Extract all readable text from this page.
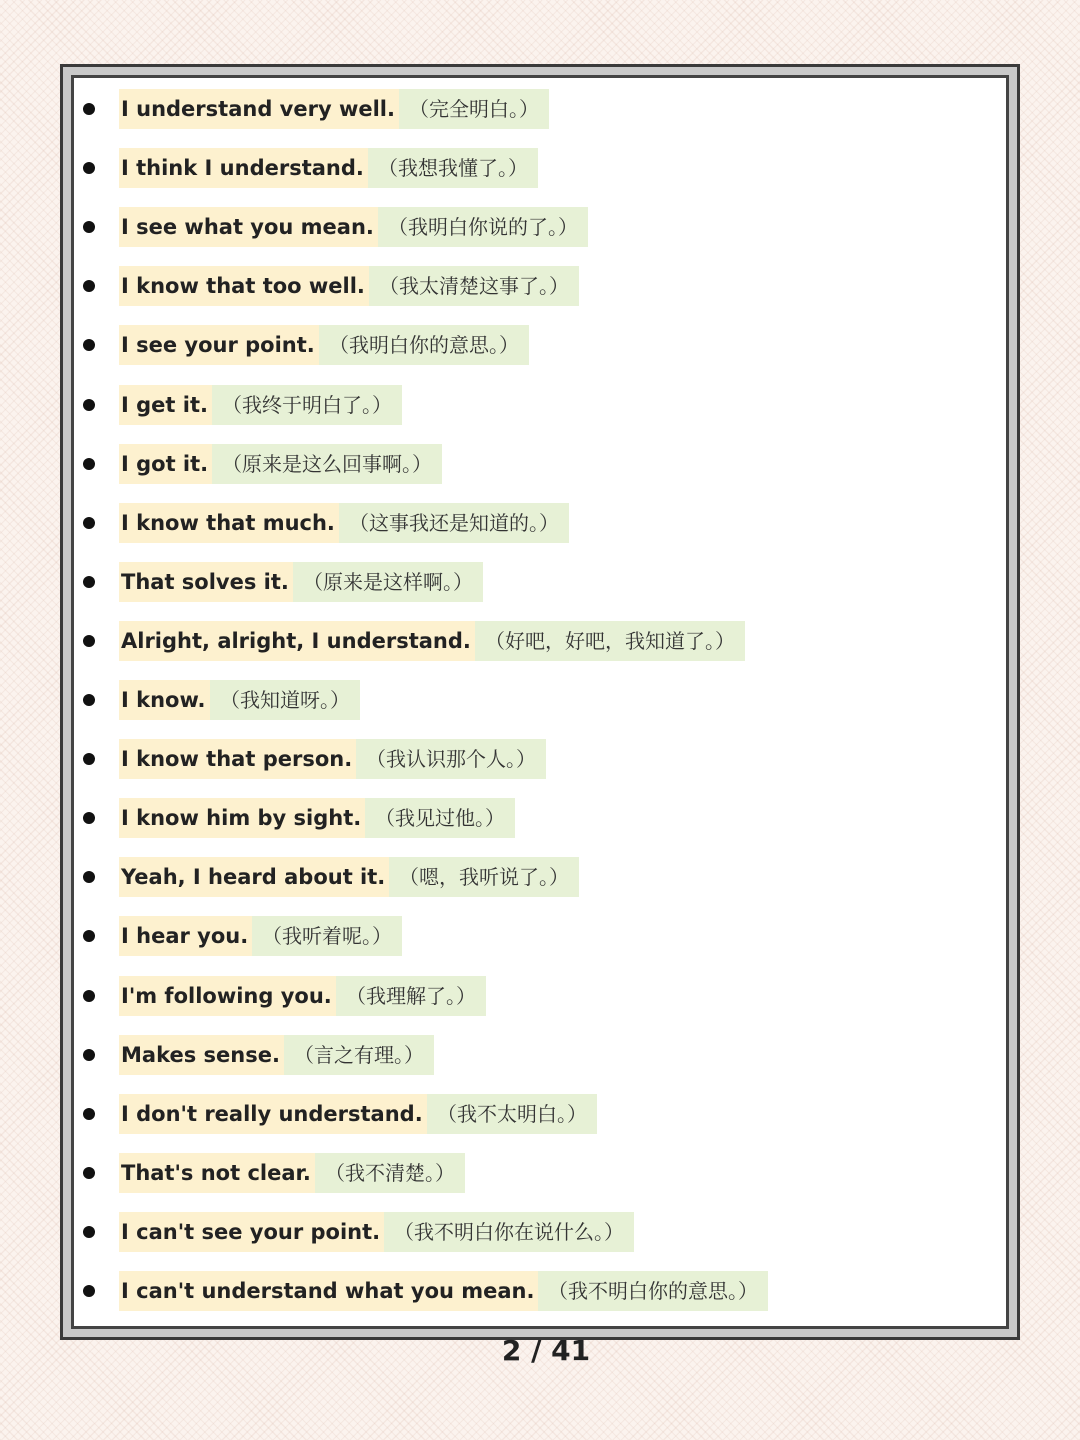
I understand very well. （完全明白。）
I think I understand. （我想我懂了。）
I see what you mean. （我明白你说的了。）
I know that too well. （我太清楚这事了。）
I see your point. （我明白你的意思。）
I get it. （我终于明白了。）
I got it. （原来是这么回事啊。）
I know that much. （这事我还是知道的。）
That solves it. （原来是这样啊。）
Alright, alright, I understand. （好吧，好吧，我知道了。）
I know. （我知道呀。）
I know that person. （我认识那个人。）
I know him by sight. （我见过他。）
Yeah, I heard about it. （嗯，我听说了。）
I hear you. （我听着呢。）
I'm following you. （我理解了。）
Makes sense. （言之有理。）
I don't really understand. （我不太明白。）
That's not clear. （我不清楚。）
I can't see your point. （我不明白你在说什么。）
I can't understand what you mean. （我不明白你的意思。）
2 / 41
